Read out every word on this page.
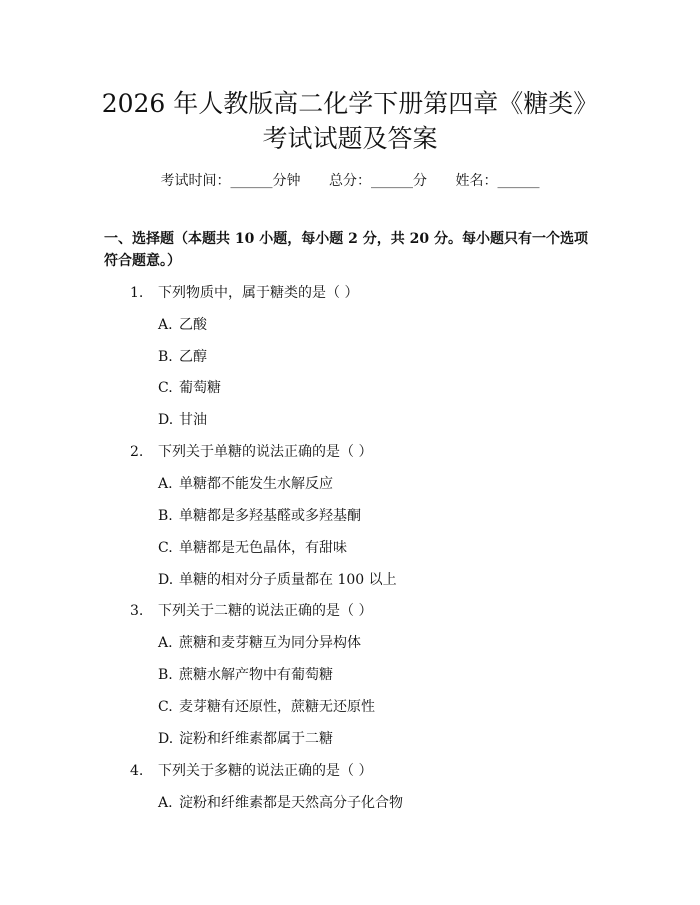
2026 年人教版高二化学下册第四章《糖类》
考试试题及答案
考试时间：______分钟 总分：______分 姓名：______
一、选择题（本题共 10 小题，每小题 2 分，共 20 分。每小题只有一个选项符合题意。）
1. 下列物质中，属于糖类的是（ ）
A. 乙酸
B. 乙醇
C. 葡萄糖
D. 甘油
2. 下列关于单糖的说法正确的是（ ）
A. 单糖都不能发生水解反应
B. 单糖都是多羟基醛或多羟基酮
C. 单糖都是无色晶体，有甜味
D. 单糖的相对分子质量都在 100 以上
3. 下列关于二糖的说法正确的是（ ）
A. 蔗糖和麦芽糖互为同分异构体
B. 蔗糖水解产物中有葡萄糖
C. 麦芽糖有还原性，蔗糖无还原性
D. 淀粉和纤维素都属于二糖
4. 下列关于多糖的说法正确的是（ ）
A. 淀粉和纤维素都是天然高分子化合物
